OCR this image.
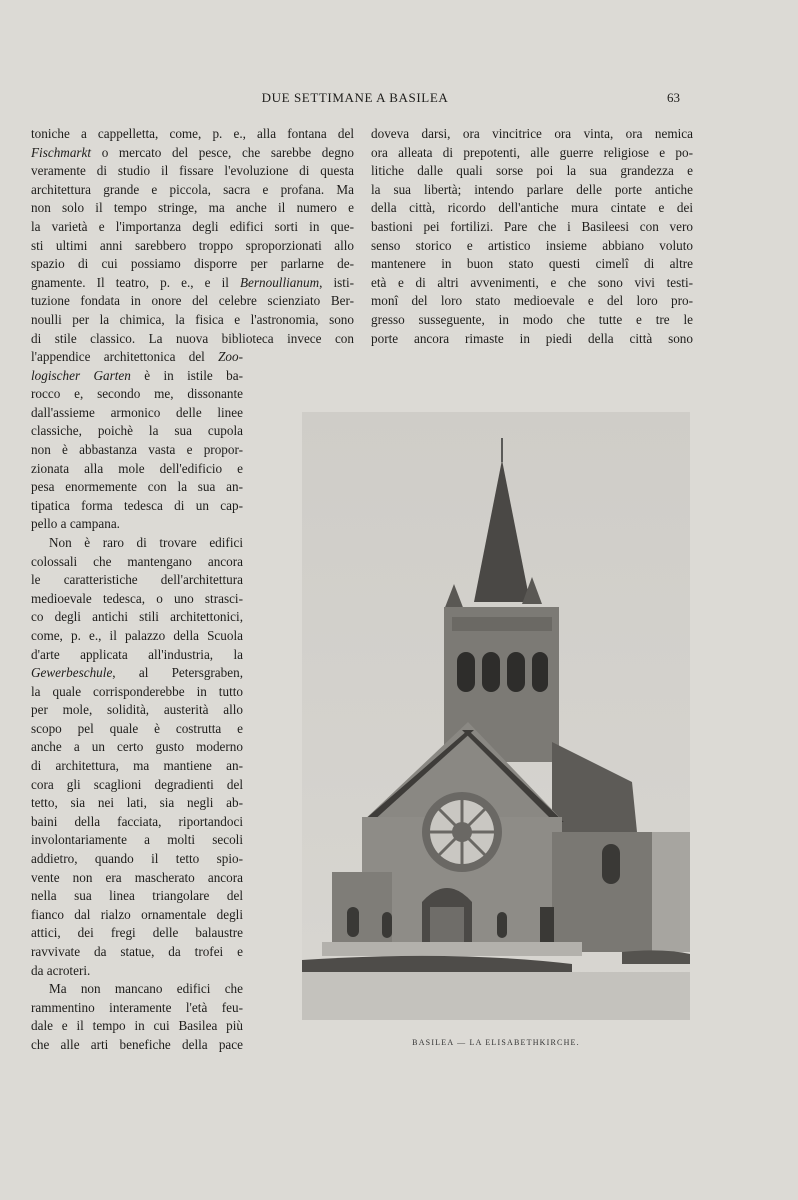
DUE SETTIMANE A BASILEA	63
toniche a cappelletta, come, p. e., alla fontana del
Fischmarkt o mercato del pesce, che sarebbe degno
veramente di studio il fissare l'evoluzione di questa
architettura grande e piccola, sacra e profana. Ma
non solo il tempo stringe, ma anche il numero e
la varietà e l'importanza degli edifici sorti in que-
sti ultimi anni sarebbero troppo sproporzionati allo
spazio di cui possiamo disporre per parlarne de-
gnamente. Il teatro, p. e., e il Bernoullianum, isti-
tuzione fondata in onore del celebre scienziato Ber-
noulli per la chimica, la fisica e l'astronomia, sono
di stile classico. La nuova biblioteca invece con
doveva darsi, ora vincitrice ora vinta, ora nemica
ora alleata di prepotenti, alle guerre religiose e po-
litiche dalle quali sorse poi la sua grandezza e
la sua libertà; intendo parlare delle porte antiche
della città, ricordo dell'antiche mura cintate e dei
bastioni pei fortilizi. Pare che i Basileesi con vero
senso storico e artistico insieme abbiano voluto
mantenere in buon stato questi cimelî di altre
età e di altri avvenimenti, e che sono vivi testi-
monî del loro stato medioevale e del loro pro-
gresso susseguente, in modo che tutte e tre le
porte ancora rimaste in piedi della città sono
l'appendice architettonica del Zoo-
logischer Garten è in istile ba-
rocco e, secondo me, dissonante
dall'assieme armonico delle linee
classiche, poichè la sua cupola
non è abbastanza vasta e propor-
zionata alla mole dell'edificio e
pesa enormemente con la sua an-
tipatica forma tedesca di un cap-
pello a campana.
Non è raro di trovare edifici
colossali che mantengano ancora
le caratteristiche dell'architettura
medioevale tedesca, o uno strasci-
co degli antichi stili architettonici,
come, p. e., il palazzo della Scuola
d'arte applicata all'industria, la
Gewerbeschule, al Petersgraben,
la quale corrisponderebbe in tutto
per mole, solidità, austerità allo
scopo pel quale è costrutta e
anche a un certo gusto moderno
di architettura, ma mantiene an-
cora gli scaglioni degradienti del
tetto, sia nei lati, sia negli ab-
baini della facciata, riportandoci
involontariamente a molti secoli
addietro, quando il tetto spio-
vente non era mascherato ancora
nella sua linea triangolare del
fianco dal rialzo ornamentale degli
attici, dei fregi delle balaustre
ravvivate da statue, da trofei e
da acroteri.
Ma non mancano edifici che
rammentino interamente l'età feu-
dale e il tempo in cui Basilea più
che alle arti benefiche della pace	BASILEA — LA ELISABETHKIRCHE.
